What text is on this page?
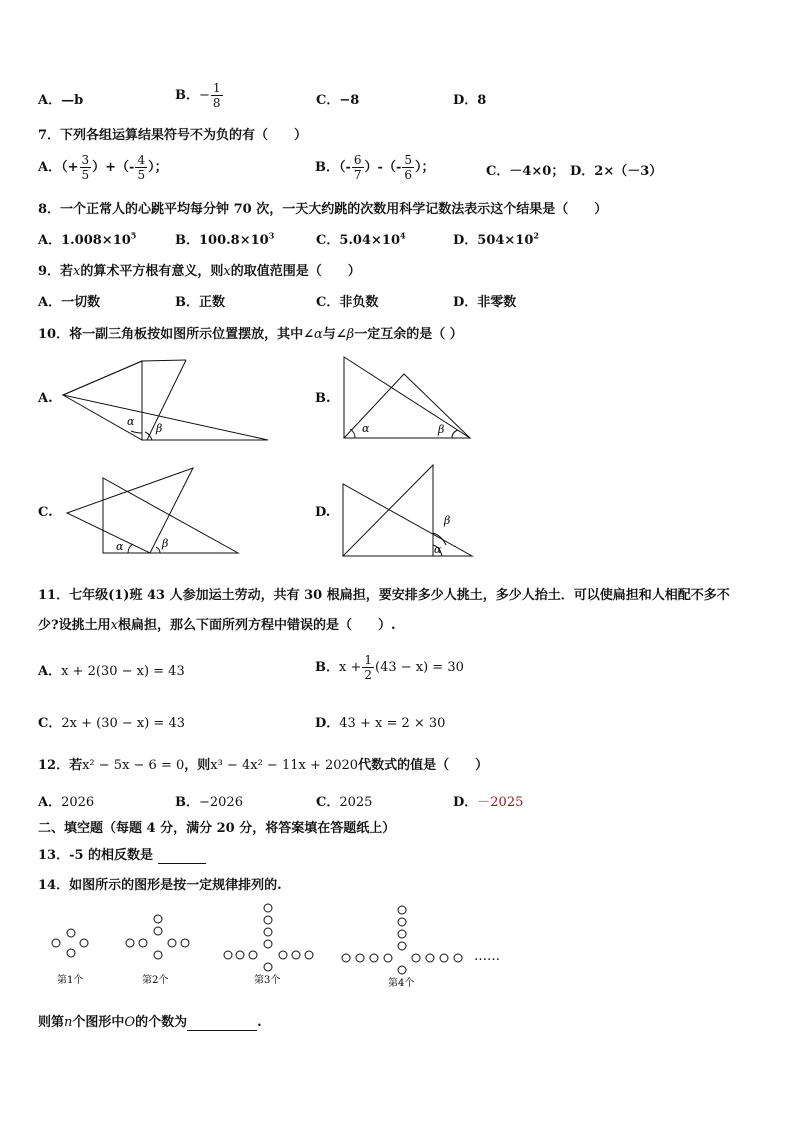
A．—b	B．− $\frac{1}{8}$	C．−8	D．8
7．下列各组运算结果符号不为负的有（　　）
A．（+ $\frac{3}{5}$ ）+（- $\frac{4}{5}$ ）；	B．（- $\frac{6}{7}$ ）-（- $\frac{5}{6}$ ）；	C．－4×0； D．2×（－3）
8．一个正常人的心跳平均每分钟 70 次，一天大约跳的次数用科学记数法表示这个结果是（　　）
A．$1.008\times 10^5$	B．$100.8\times 10^3$	C．$5.04\times 10^4$	D．$504\times 10^2$
9．若x的算术平方根有意义，则x的取值范围是（　　）
A．一切数	B．正数	C．非负数	D．非零数
10．将一副三角板按如图所示位置摆放，其中∠α与∠β一定互余的是（ ）
A.
α
β
B.
α	β
C.
α	β
D.
β
α
11．七年级(1)班 43 人参加运土劳动，共有 30 根扁担，要安排多少人挑土，多少人抬土．可以使扁担和人相配不多不
少?设挑土用x根扁担，那么下面所列方程中错误的是（　　）.
A．x + 2(30 − x) = 43	B．$x + \frac{1}{2} (43 - x) = 30$
C．2x + (30 − x) = 43	D．43 + x = 2 × 30
12．若x² − 5x − 6 = 0，则x³ − 4x² − 11x + 2020代数式的值是（　　）
A．2026	B．−2026	C．2025	D．－2025
二、填空题（每题 4 分，满分 20 分，将答案填在答题纸上）
13．-5 的相反数是
14．如图所示的图形是按一定规律排列的.
第1个	第2个	第3个	第4个
……
则第n个图形中O的个数为	.
